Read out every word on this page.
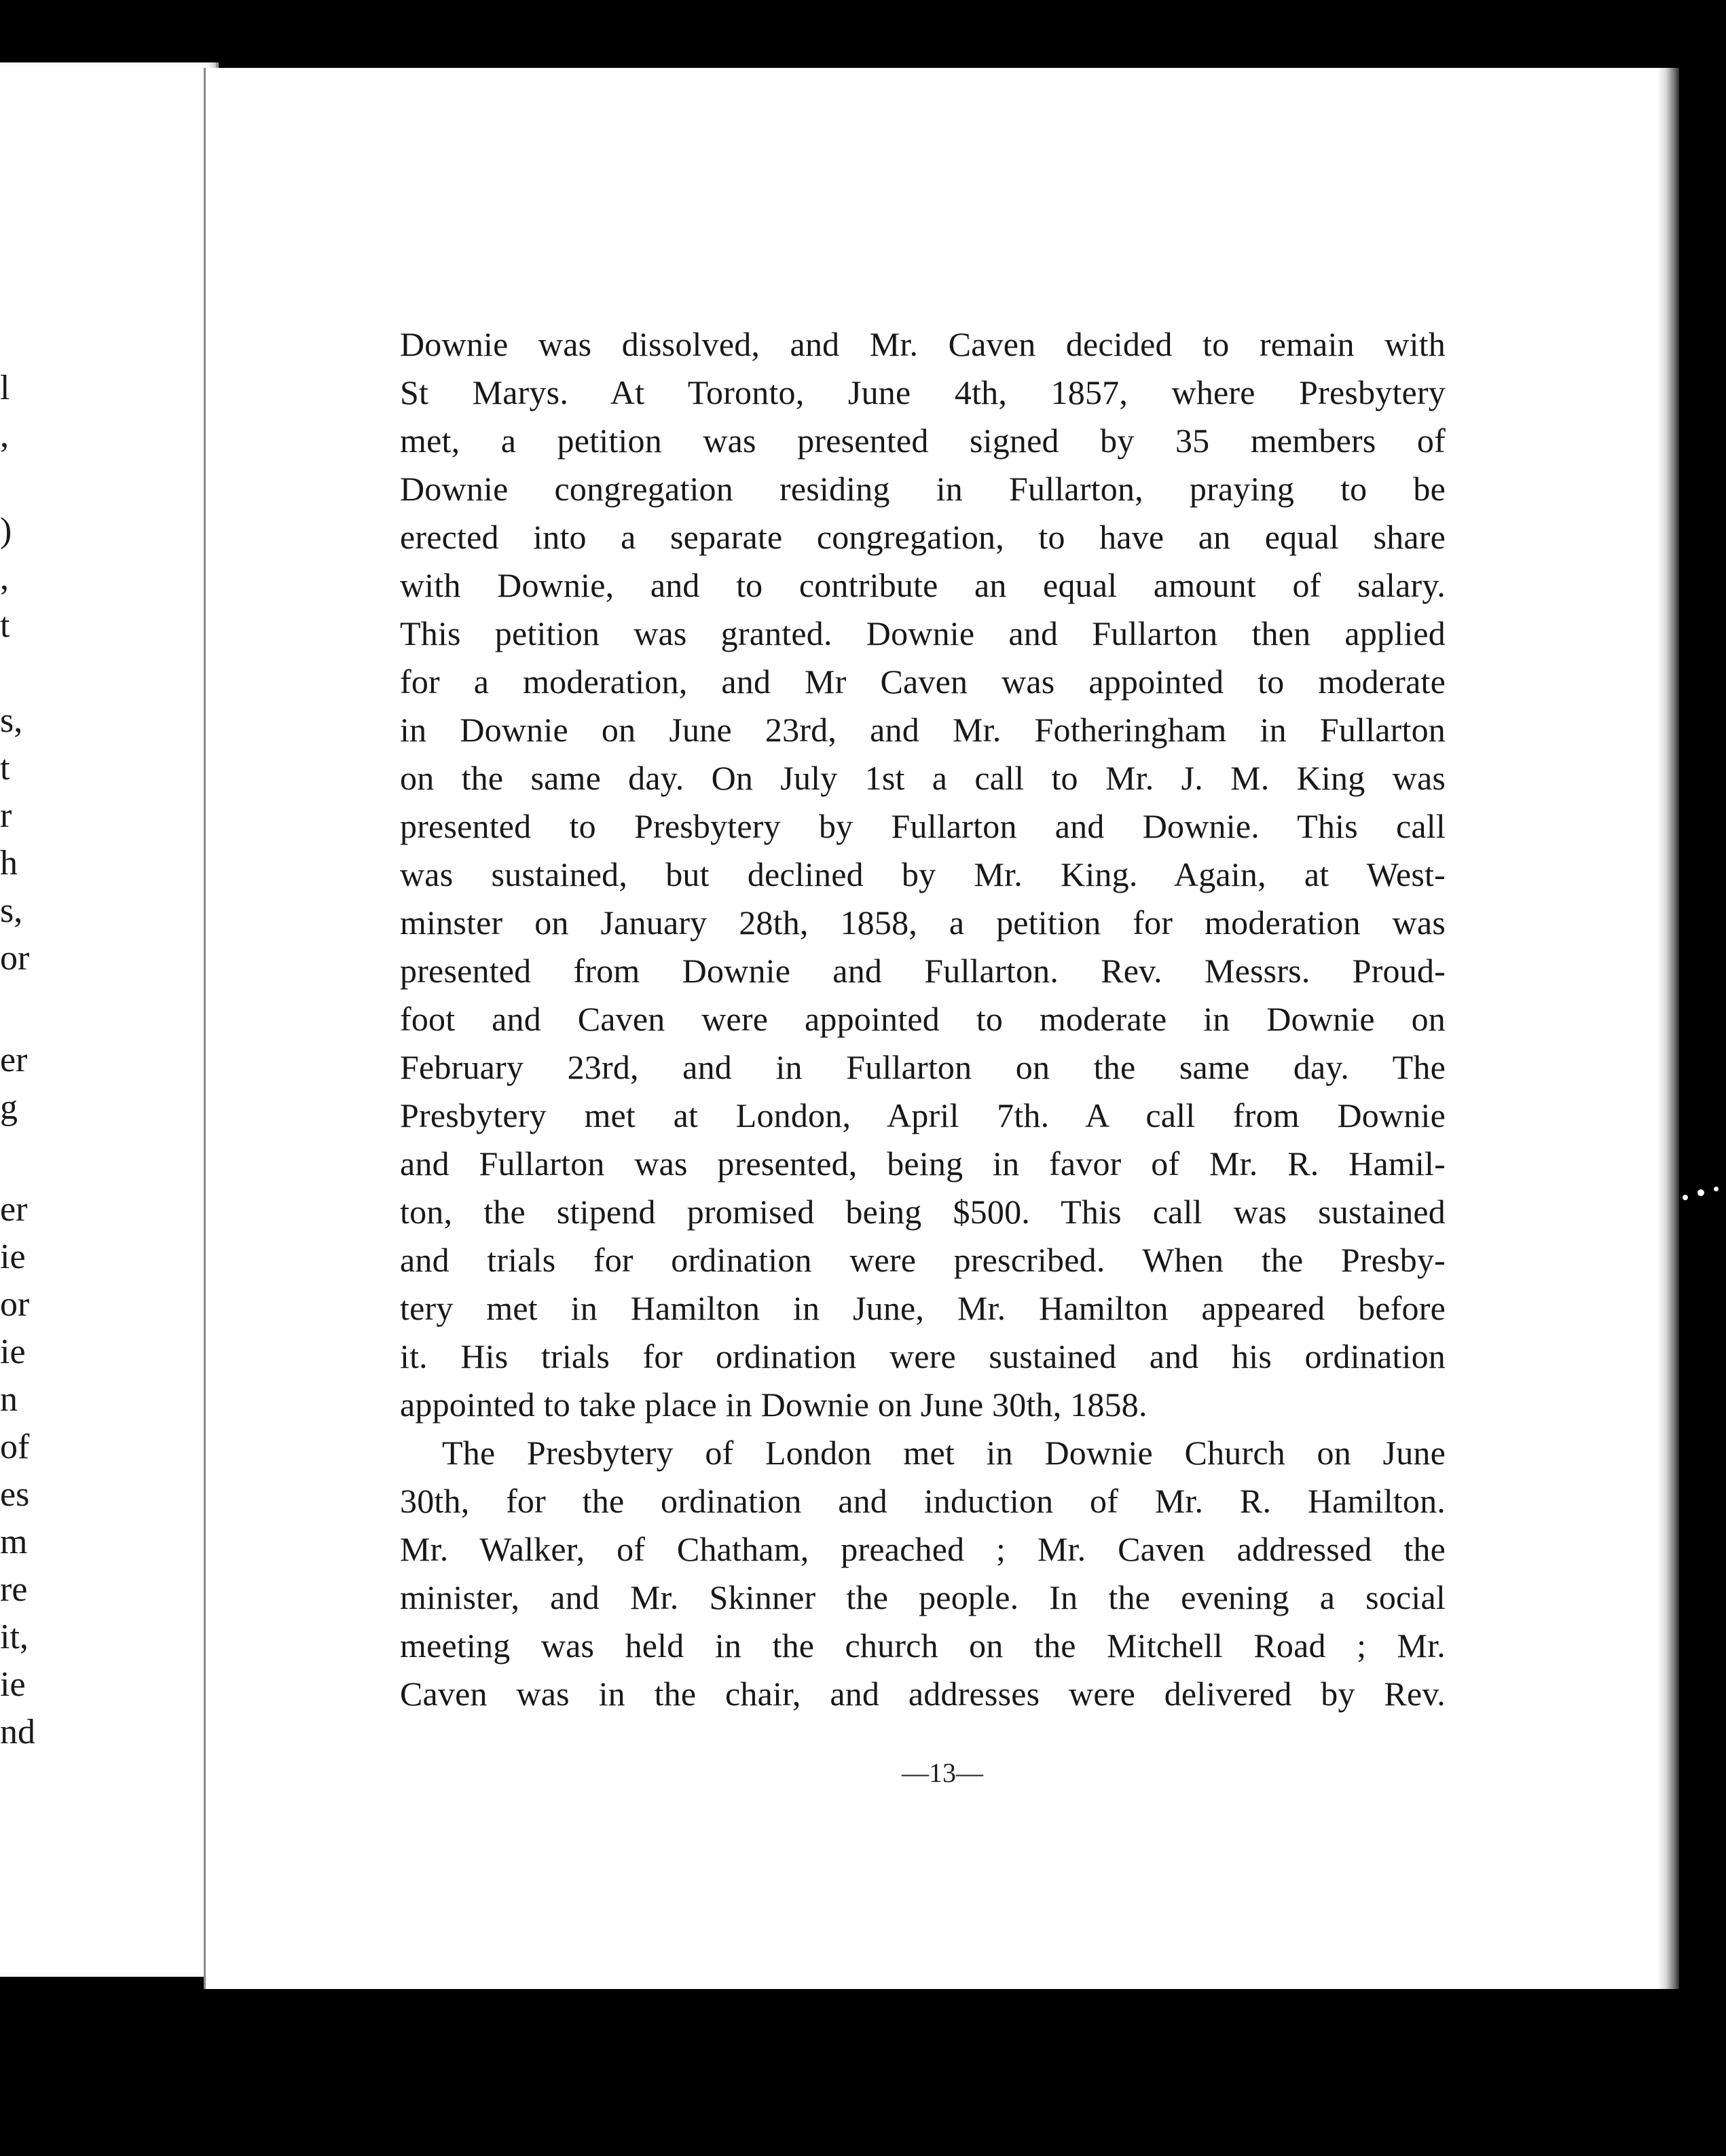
l
,
)
,
t
s,
t
r
h
s,
or
er
g
er
ie
or
ie
n
of
es
m
re
it,
ie
nd
Downie was dissolved, and Mr. Caven decided to remain with
St Marys. At Toronto, June 4th, 1857, where Presbytery
met, a petition was presented signed by 35 members of
Downie congregation residing in Fullarton, praying to be
erected into a separate congregation, to have an equal share
with Downie, and to contribute an equal amount of salary.
This petition was granted. Downie and Fullarton then applied
for a moderation, and Mr Caven was appointed to moderate
in Downie on June 23rd, and Mr. Fotheringham in Fullarton
on the same day. On July 1st a call to Mr. J. M. King was
presented to Presbytery by Fullarton and Downie. This call
was sustained, but declined by Mr. King. Again, at West-
minster on January 28th, 1858, a petition for moderation was
presented from Downie and Fullarton. Rev. Messrs. Proud-
foot and Caven were appointed to moderate in Downie on
February 23rd, and in Fullarton on the same day. The
Presbytery met at London, April 7th. A call from Downie
and Fullarton was presented, being in favor of Mr. R. Hamil-
ton, the stipend promised being $500. This call was sustained
and trials for ordination were prescribed. When the Presby-
tery met in Hamilton in June, Mr. Hamilton appeared before
it. His trials for ordination were sustained and his ordination
appointed to take place in Downie on June 30th, 1858.
The Presbytery of London met in Downie Church on June
30th, for the ordination and induction of Mr. R. Hamilton.
Mr. Walker, of Chatham, preached ; Mr. Caven addressed the
minister, and Mr. Skinner the people. In the evening a social
meeting was held in the church on the Mitchell Road ; Mr.
Caven was in the chair, and addresses were delivered by Rev.
—13—
